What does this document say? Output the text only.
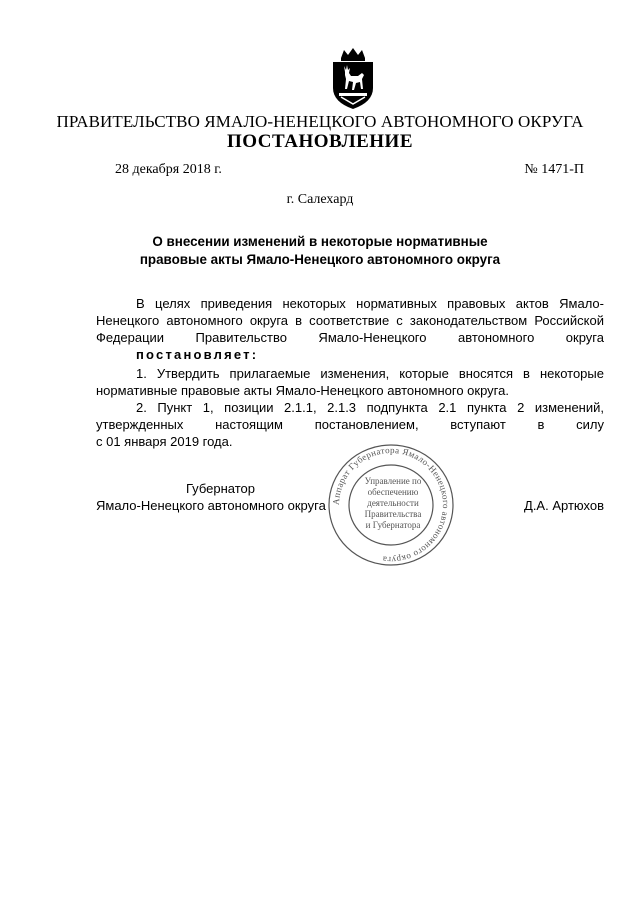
ПРАВИТЕЛЬСТВО ЯМАЛО-НЕНЕЦКОГО АВТОНОМНОГО ОКРУГА
ПОСТАНОВЛЕНИЕ
28 декабря 2018 г.	№ 1471-П
г. Салехард
О внесении изменений в некоторые нормативные
правовые акты Ямало-Ненецкого автономного округа
В целях приведения некоторых нормативных правовых актов Ямало-Ненецкого автономного округа в соответствие с законодательством Российской Федерации Правительство Ямало-Ненецкого автономного округа
постановляет:
1. Утвердить прилагаемые изменения, которые вносятся в некоторые нормативные правовые акты Ямало-Ненецкого автономного округа.
2. Пункт 1, позиции 2.1.1, 2.1.3 подпункта 2.1 пункта 2 изменений, утвержденных настоящим постановлением, вступают в силу
с 01 января 2019 года.
Губернатор
Ямало-Ненецкого автономного округа	Д.А. Артюхов
Аппарат Губернатора Ямало-Ненецкого автономного округа
Управление по
обеспечению
деятельности
Правительства
и Губернатора
